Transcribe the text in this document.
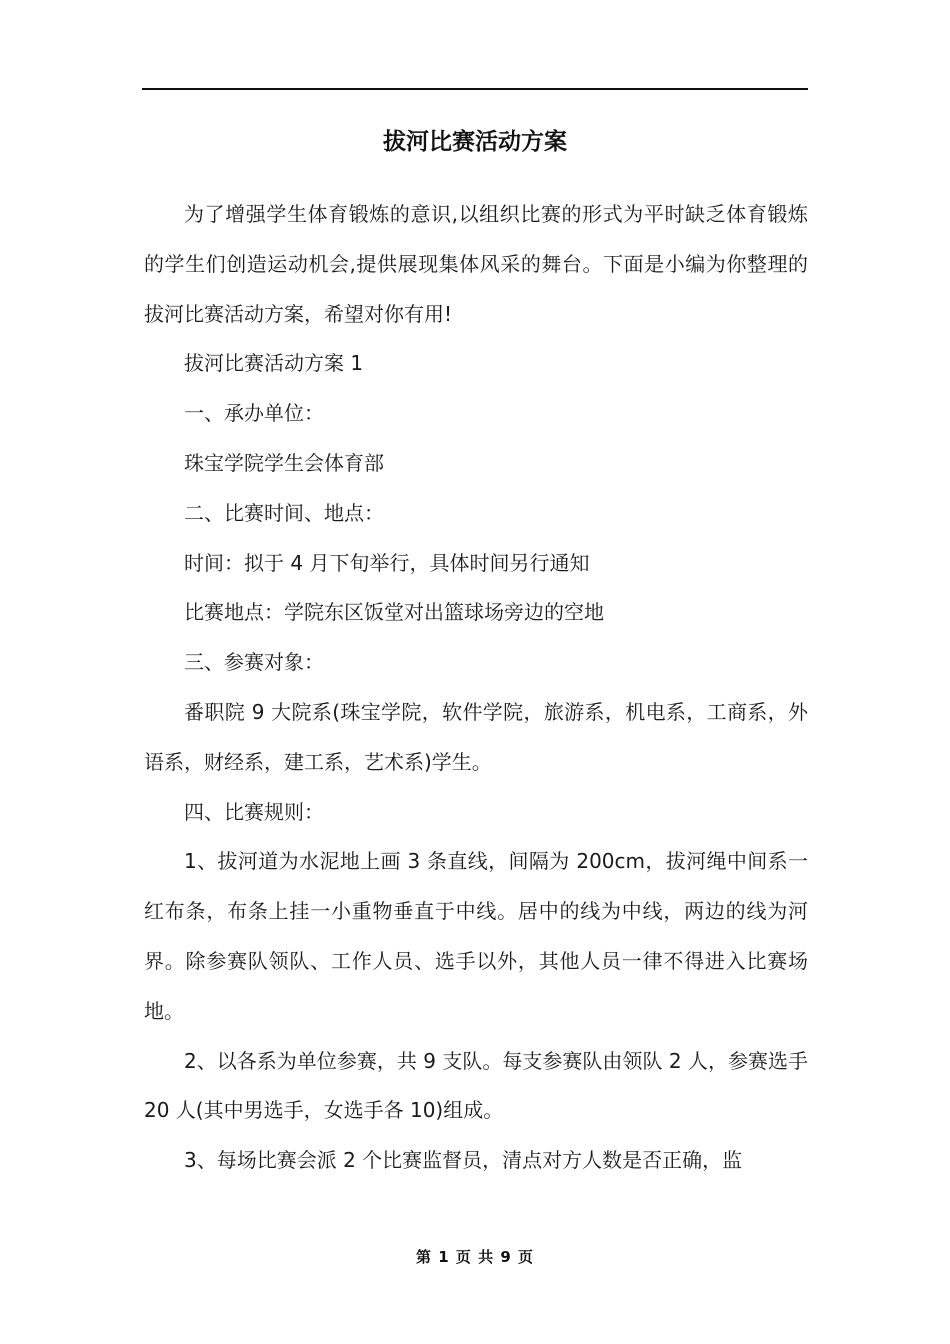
拔河比赛活动方案

为了增强学生体育锻炼的意识,以组织比赛的形式为平时缺乏体育锻炼的学生们创造运动机会,提供展现集体风采的舞台。下面是小编为你整理的拔河比赛活动方案，希望对你有用!

拔河比赛活动方案 1

一、承办单位：

珠宝学院学生会体育部

二、比赛时间、地点：

时间：拟于 4 月下旬举行，具体时间另行通知

比赛地点：学院东区饭堂对出篮球场旁边的空地

三、参赛对象：

番职院 9 大院系(珠宝学院，软件学院，旅游系，机电系，工商系，外语系，财经系，建工系，艺术系)学生。

四、比赛规则：

1、拔河道为水泥地上画 3 条直线，间隔为 200cm，拔河绳中间系一红布条，布条上挂一小重物垂直于中线。居中的线为中线，两边的线为河界。除参赛队领队、工作人员、选手以外，其他人员一律不得进入比赛场地。

2、以各系为单位参赛，共 9 支队。每支参赛队由领队 2 人，参赛选手 20 人(其中男选手，女选手各 10)组成。

3、每场比赛会派 2 个比赛监督员，清点对方人数是否正确，监

第 1 页 共 9 页
